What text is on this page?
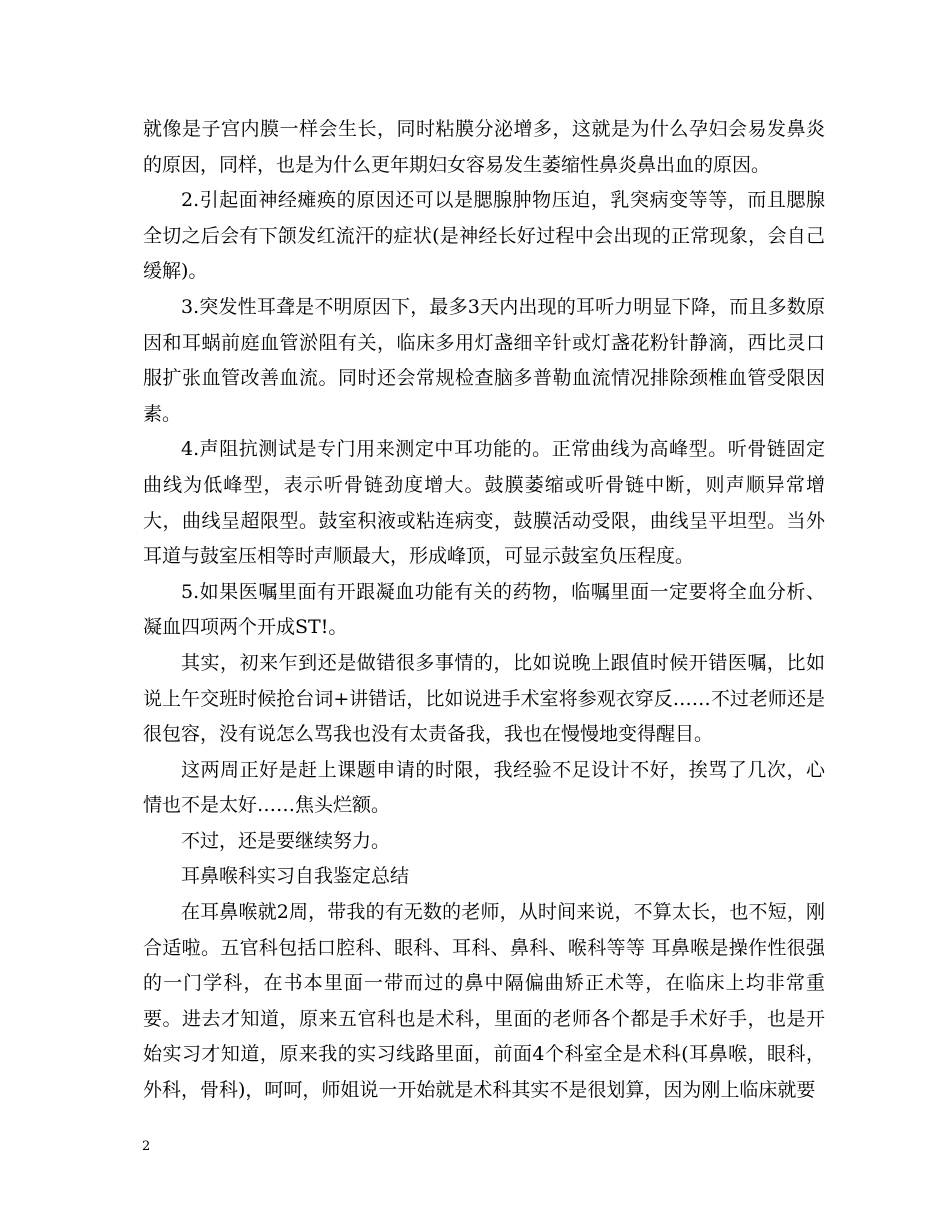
就像是子宫内膜一样会生长，同时粘膜分泌增多，这就是为什么孕妇会易发鼻炎的原因，同样，也是为什么更年期妇女容易发生萎缩性鼻炎鼻出血的原因。

2.引起面神经瘫痪的原因还可以是腮腺肿物压迫，乳突病变等等，而且腮腺全切之后会有下颌发红流汗的症状(是神经长好过程中会出现的正常现象，会自己缓解)。

3.突发性耳聋是不明原因下，最多3天内出现的耳听力明显下降，而且多数原因和耳蜗前庭血管淤阻有关，临床多用灯盏细辛针或灯盏花粉针静滴，西比灵口服扩张血管改善血流。同时还会常规检查脑多普勒血流情况排除颈椎血管受限因素。

4.声阻抗测试是专门用来测定中耳功能的。正常曲线为高峰型。听骨链固定曲线为低峰型，表示听骨链劲度增大。鼓膜萎缩或听骨链中断，则声顺异常增大，曲线呈超限型。鼓室积液或粘连病变，鼓膜活动受限，曲线呈平坦型。当外耳道与鼓室压相等时声顺最大，形成峰顶，可显示鼓室负压程度。

5.如果医嘱里面有开跟凝血功能有关的药物，临嘱里面一定要将全血分析、凝血四项两个开成ST!。

其实，初来乍到还是做错很多事情的，比如说晚上跟值时候开错医嘱，比如说上午交班时候抢台词+讲错话，比如说进手术室将参观衣穿反……不过老师还是很包容，没有说怎么骂我也没有太责备我，我也在慢慢地变得醒目。

这两周正好是赶上课题申请的时限，我经验不足设计不好，挨骂了几次，心情也不是太好……焦头烂额。

不过，还是要继续努力。

耳鼻喉科实习自我鉴定总结

在耳鼻喉就2周，带我的有无数的老师，从时间来说，不算太长，也不短，刚合适啦。五官科包括口腔科、眼科、耳科、鼻科、喉科等等 耳鼻喉是操作性很强的一门学科，在书本里面一带而过的鼻中隔偏曲矫正术等，在临床上均非常重要。进去才知道，原来五官科也是术科，里面的老师各个都是手术好手，也是开始实习才知道，原来我的实习线路里面，前面4个科室全是术科(耳鼻喉，眼科，外科，骨科)，呵呵，师姐说一开始就是术科其实不是很划算，因为刚上临床就要

2
